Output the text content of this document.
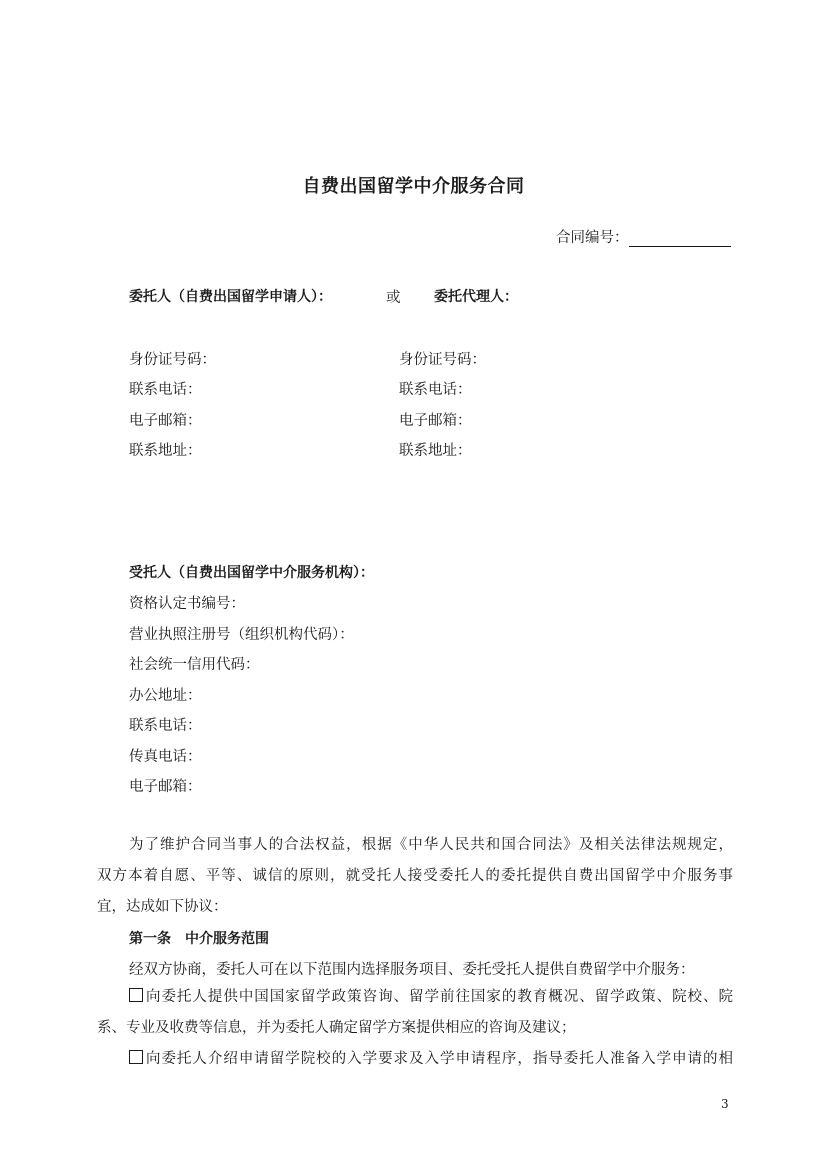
自费出国留学中介服务合同
合同编号：
委托人（自费出国留学申请人）：	或 委托代理人：
身份证号码：
联系电话：
电子邮箱：
联系地址：
身份证号码：
联系电话：
电子邮箱：
联系地址：
受托人（自费出国留学中介服务机构）：
资格认定书编号：
营业执照注册号（组织机构代码）：
社会统一信用代码：
办公地址：
联系电话：
传真电话：
电子邮箱：
为了维护合同当事人的合法权益，根据《中华人民共和国合同法》及相关法律法规规定，
双方本着自愿、平等、诚信的原则，就受托人接受委托人的委托提供自费出国留学中介服务事
宜，达成如下协议：
第一条　中介服务范围
经双方协商，委托人可在以下范围内选择服务项目、委托受托人提供自费留学中介服务：
向委托人提供中国国家留学政策咨询、留学前往国家的教育概况、留学政策、院校、院
系、专业及收费等信息，并为委托人确定留学方案提供相应的咨询及建议；
向委托人介绍申请留学院校的入学要求及入学申请程序，指导委托人准备入学申请的相
3
